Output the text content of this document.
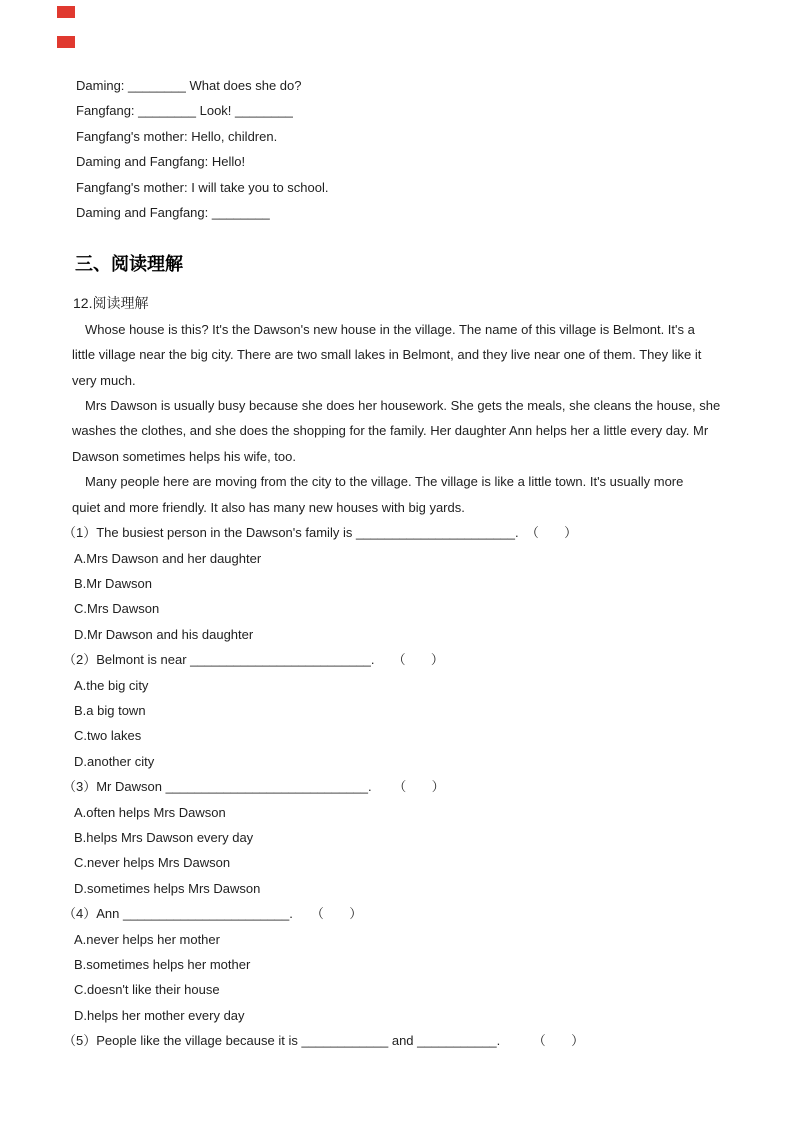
Daming: ________ What does she do?
Fangfang: ________ Look! ________
Fangfang's mother: Hello, children.
Daming and Fangfang: Hello!
Fangfang's mother: I will take you to school.
Daming and Fangfang: ________
三、阅读理解
12.阅读理解
Whose house is this? It's the Dawson's new house in the village. The name of this village is Belmont. It's a
little village near the big city. There are two small lakes in Belmont, and they live near one of them. They like it
very much.
Mrs Dawson is usually busy because she does her housework. She gets the meals, she cleans the house, she
washes the clothes, and she does the shopping for the family. Her daughter Ann helps her a little every day. Mr
Dawson sometimes helps his wife, too.
Many people here are moving from the city to the village. The village is like a little town. It's usually more
quiet and more friendly. It also has many new houses with big yards.
（1）The busiest person in the Dawson's family is ______________________.  （       ）
A.Mrs Dawson and her daughter
B.Mr Dawson
C.Mrs Dawson
D.Mr Dawson and his daughter
（2）Belmont is near _________________________.     （       ）
A.the big city
B.a big town
C.two lakes
D.another city
（3）Mr Dawson ____________________________.      （       ）
A.often helps Mrs Dawson
B.helps Mrs Dawson every day
C.never helps Mrs Dawson
D.sometimes helps Mrs Dawson
（4）Ann _______________________.     （       ）
A.never helps her mother
B.sometimes helps her mother
C.doesn't like their house
D.helps her mother every day
（5）People like the village because it is ____________ and ___________.         （       ）
